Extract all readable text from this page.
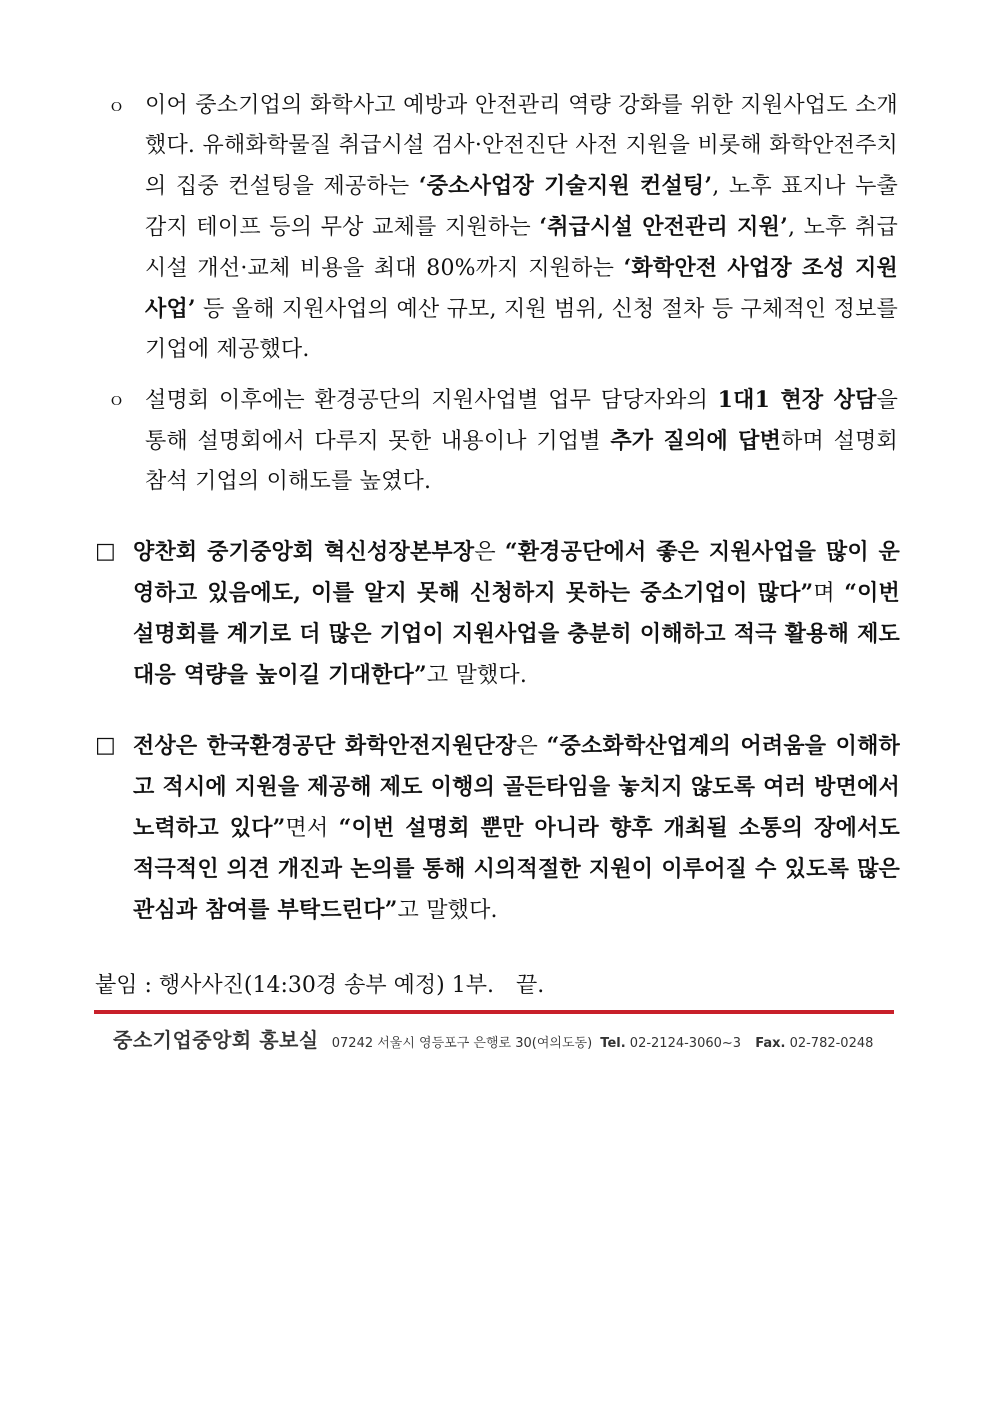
ｏ 이어 중소기업의 화학사고 예방과 안전관리 역량 강화를 위한 지원사업도 소개했다. 유해화학물질 취급시설 검사·안전진단 사전 지원을 비롯해 화학안전주치의 집중 컨설팅을 제공하는 ‘중소사업장 기술지원 컨설팅’, 노후 표지나 누출감지 테이프 등의 무상 교체를 지원하는 ‘취급시설 안전관리 지원’, 노후 취급시설 개선·교체 비용을 최대 80%까지 지원하는 ‘화학안전 사업장 조성 지원사업’ 등 올해 지원사업의 예산 규모, 지원 범위, 신청 절차 등 구체적인 정보를 기업에 제공했다.
ｏ 설명회 이후에는 환경공단의 지원사업별 업무 담당자와의 1대1 현장 상담을 통해 설명회에서 다루지 못한 내용이나 기업별 추가 질의에 답변하며 설명회 참석 기업의 이해도를 높였다.
□ 양찬회 중기중앙회 혁신성장본부장은 “환경공단에서 좋은 지원사업을 많이 운영하고 있음에도, 이를 알지 못해 신청하지 못하는 중소기업이 많다”며 “이번 설명회를 계기로 더 많은 기업이 지원사업을 충분히 이해하고 적극 활용해 제도 대응 역량을 높이길 기대한다”고 말했다.
□ 전상은 한국환경공단 화학안전지원단장은 “중소화학산업계의 어려움을 이해하고 적시에 지원을 제공해 제도 이행의 골든타임을 놓치지 않도록 여러 방면에서 노력하고 있다”면서 “이번 설명회 뿐만 아니라 향후 개최될 소통의 장에서도 적극적인 의견 개진과 논의를 통해 시의적절한 지원이 이루어질 수 있도록 많은 관심과 참여를 부탁드린다”고 말했다.
붙임 : 행사사진(14:30경 송부 예정) 1부. 끝.
중소기업중앙회 홍보실 07242 서울시 영등포구 은행로 30(여의도동) Tel. 02-2124-3060~3 Fax. 02-782-0248
